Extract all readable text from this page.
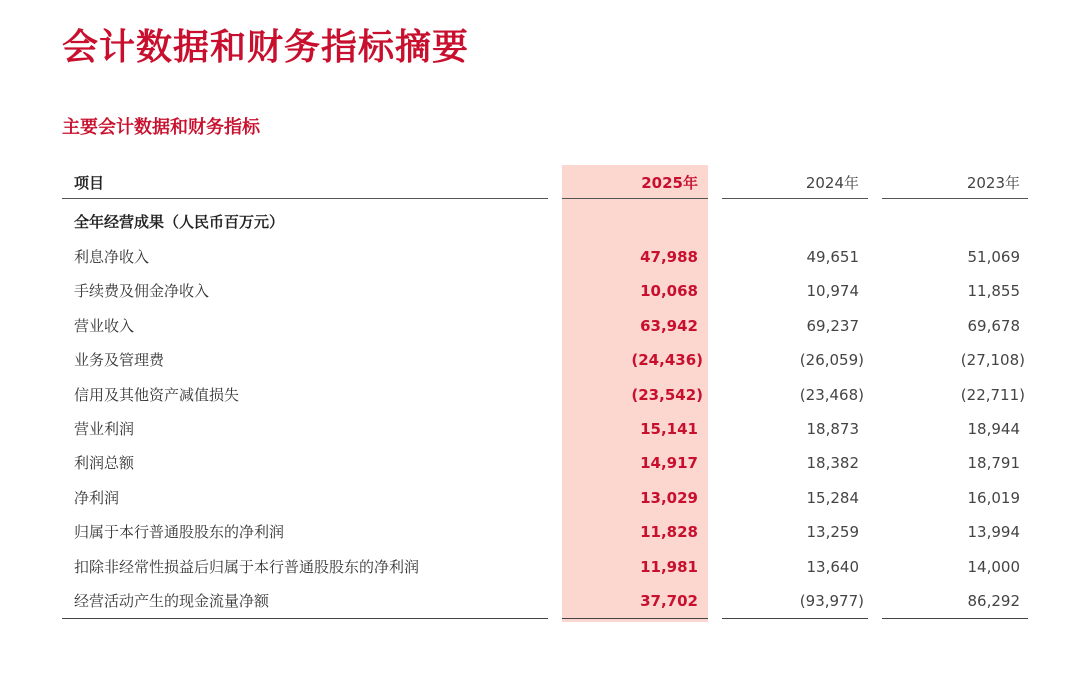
会计数据和财务指标摘要
主要会计数据和财务指标
项目	2025年	2024年	2023年
全年经营成果（人民币百万元）
利息净收入	47,988	49,651	51,069
手续费及佣金净收入	10,068	10,974	11,855
营业收入	63,942	69,237	69,678
业务及管理费	(24,436)	(26,059)	(27,108)
信用及其他资产减值损失	(23,542)	(23,468)	(22,711)
营业利润	15,141	18,873	18,944
利润总额	14,917	18,382	18,791
净利润	13,029	15,284	16,019
归属于本行普通股股东的净利润	11,828	13,259	13,994
扣除非经常性损益后归属于本行普通股股东的净利润	11,981	13,640	14,000
经营活动产生的现金流量净额	37,702	(93,977)	86,292
